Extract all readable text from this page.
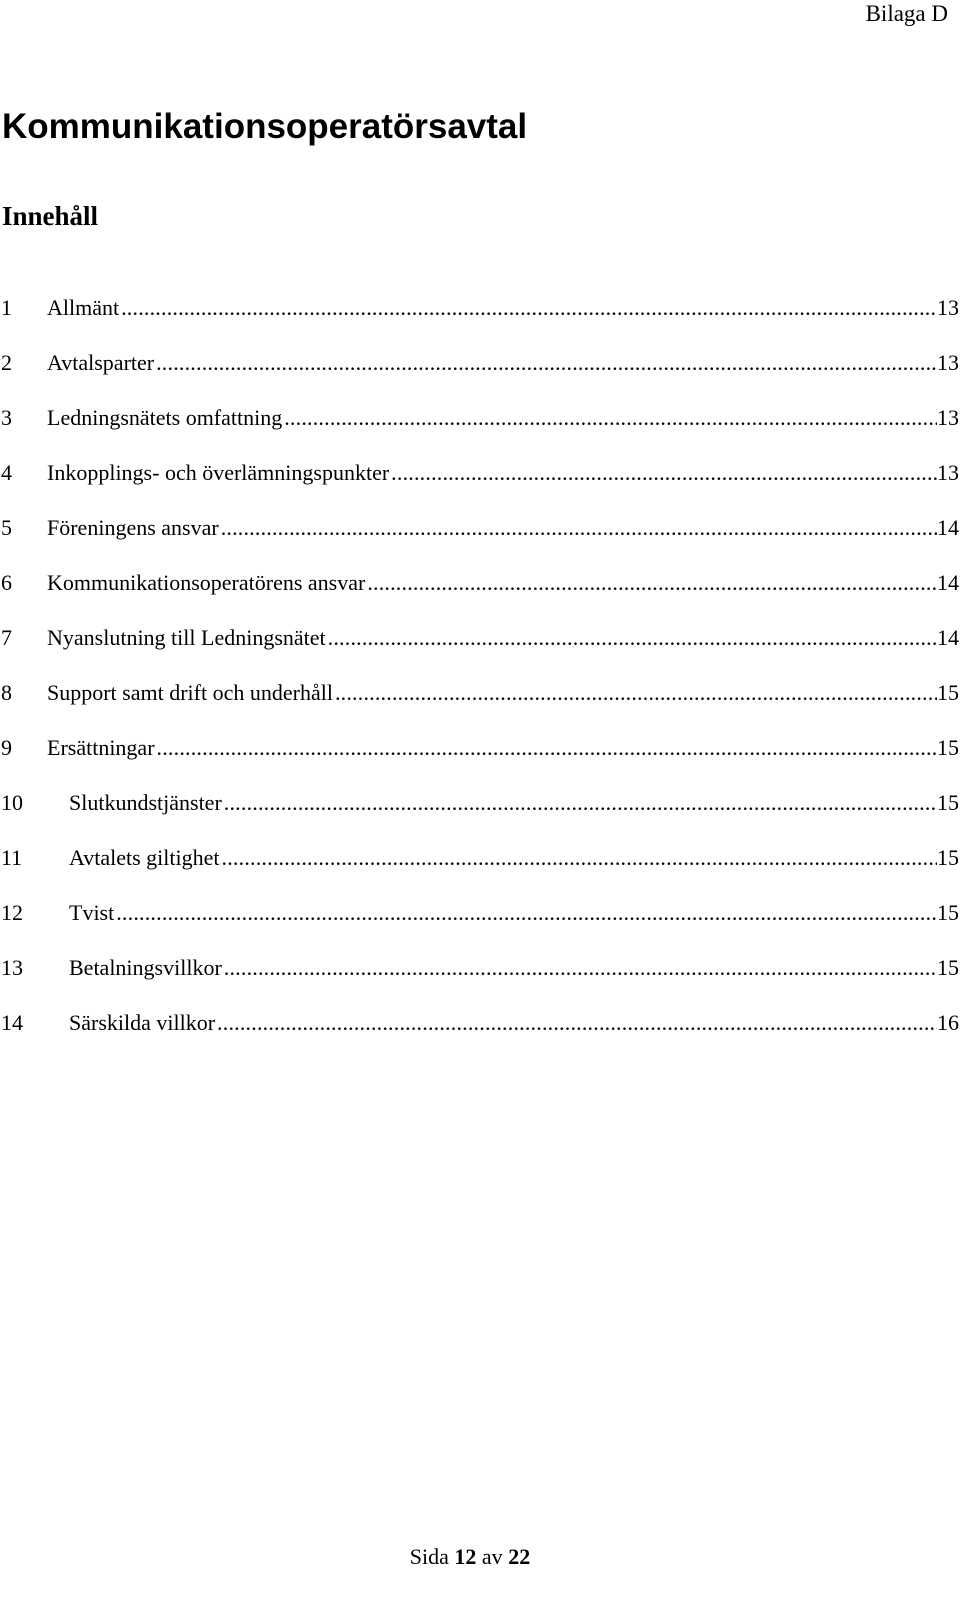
Bilaga D
Kommunikationsoperatörsavtal
Innehåll
1	Allmänt .....	13
2	Avtalsparter .....	13
3	Ledningsnätets omfattning .....	13
4	Inkopplings- och överlämningspunkter .....	13
5	Föreningens ansvar .....	14
6	Kommunikationsoperatörens ansvar .....	14
7	Nyanslutning till Ledningsnätet .....	14
8	Support samt drift och underhåll .....	15
9	Ersättningar .....	15
10	Slutkundstjänster .....	15
11	Avtalets giltighet .....	15
12	Tvist .....	15
13	Betalningsvillkor .....	15
14	Särskilda villkor .....	16
Sida 12 av 22
